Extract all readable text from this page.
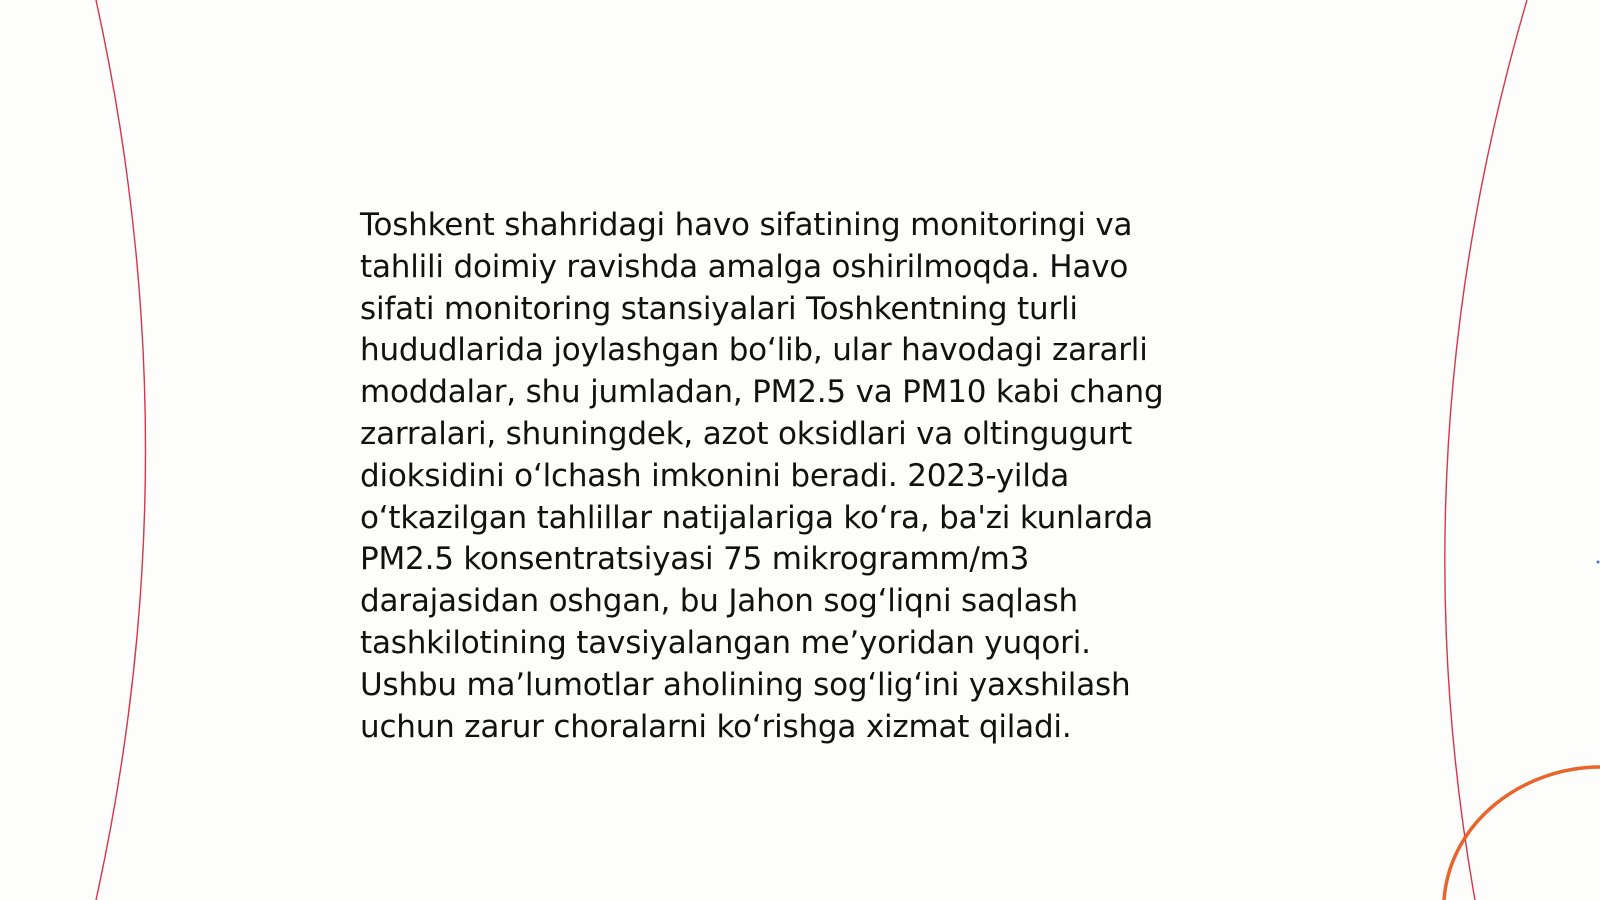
Toshkent shahridagi havo sifatining monitoringi va
tahlili doimiy ravishda amalga oshirilmoqda. Havo
sifati monitoring stansiyalari Toshkentning turli
hududlarida joylashgan bo‘lib, ular havodagi zararli
moddalar, shu jumladan, PM2.5 va PM10 kabi chang
zarralari, shuningdek, azot oksidlari va oltingugurt
dioksidini o‘lchash imkonini beradi. 2023-yilda
o‘tkazilgan tahlillar natijalariga ko‘ra, ba'zi kunlarda
PM2.5 konsentratsiyasi 75 mikrogramm/m3
darajasidan oshgan, bu Jahon sog‘liqni saqlash
tashkilotining tavsiyalangan me’yoridan yuqori.
Ushbu ma’lumotlar aholining sog‘lig‘ini yaxshilash
uchun zarur choralarni ko‘rishga xizmat qiladi.
